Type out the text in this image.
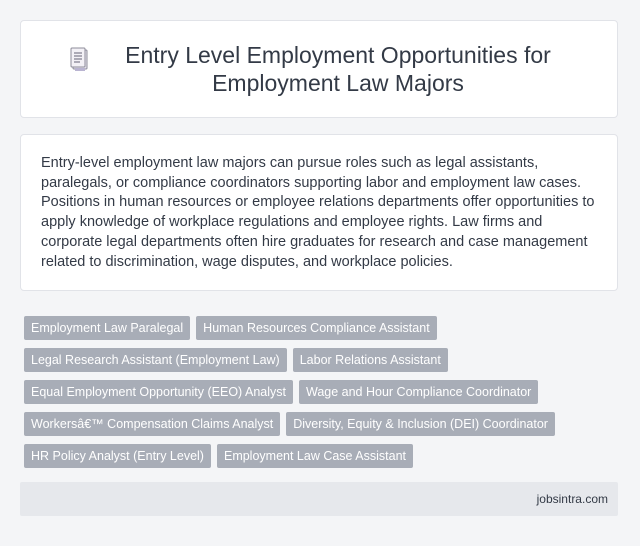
Entry Level Employment Opportunities for Employment Law Majors

Entry-level employment law majors can pursue roles such as legal assistants, paralegals, or compliance coordinators supporting labor and employment law cases. Positions in human resources or employee relations departments offer opportunities to apply knowledge of workplace regulations and employee rights. Law firms and corporate legal departments often hire graduates for research and case management related to discrimination, wage disputes, and workplace policies.

Employment Law Paralegal	Human Resources Compliance Assistant
Legal Research Assistant (Employment Law)	Labor Relations Assistant
Equal Employment Opportunity (EEO) Analyst	Wage and Hour Compliance Coordinator
Workersâ€™ Compensation Claims Analyst	Diversity, Equity & Inclusion (DEI) Coordinator
HR Policy Analyst (Entry Level)	Employment Law Case Assistant
jobsintra.com
